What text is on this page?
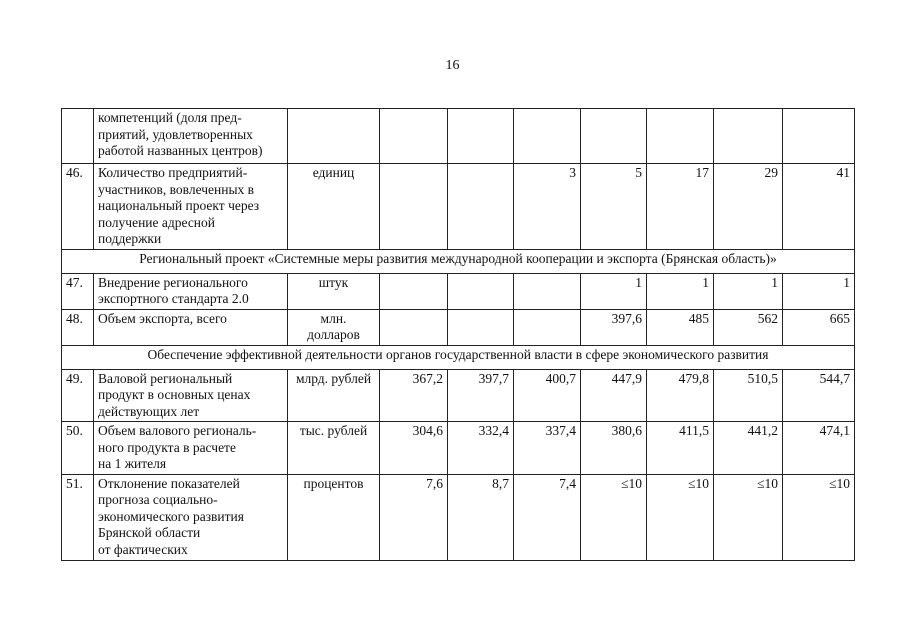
16
	компетенций (доля пред-
приятий, удовлетворенных
работой названных центров)								
46.	Количество предприятий-
участников, вовлеченных в
национальный проект через
получение адресной
поддержки	единиц			3	5	17	29	41
Региональный проект «Системные меры развития международной кооперации и экспорта (Брянская область)»									
47.	Внедрение регионального
экспортного стандарта 2.0	штук				1	1	1	1
48.	Объем экспорта, всего	млн.
долларов				397,6	485	562	665
Обеспечение эффективной деятельности органов государственной власти в сфере экономического развития									
49.	Валовой региональный
продукт в основных ценах
действующих лет	млрд. рублей	367,2	397,7	400,7	447,9	479,8	510,5	544,7
50.	Объем валового региональ-
ного продукта в расчете
на 1 жителя	тыс. рублей	304,6	332,4	337,4	380,6	411,5	441,2	474,1
51.	Отклонение показателей
прогноза социально-
экономического развития
Брянской области
от фактических	процентов	7,6	8,7	7,4	≤10	≤10	≤10	≤10
